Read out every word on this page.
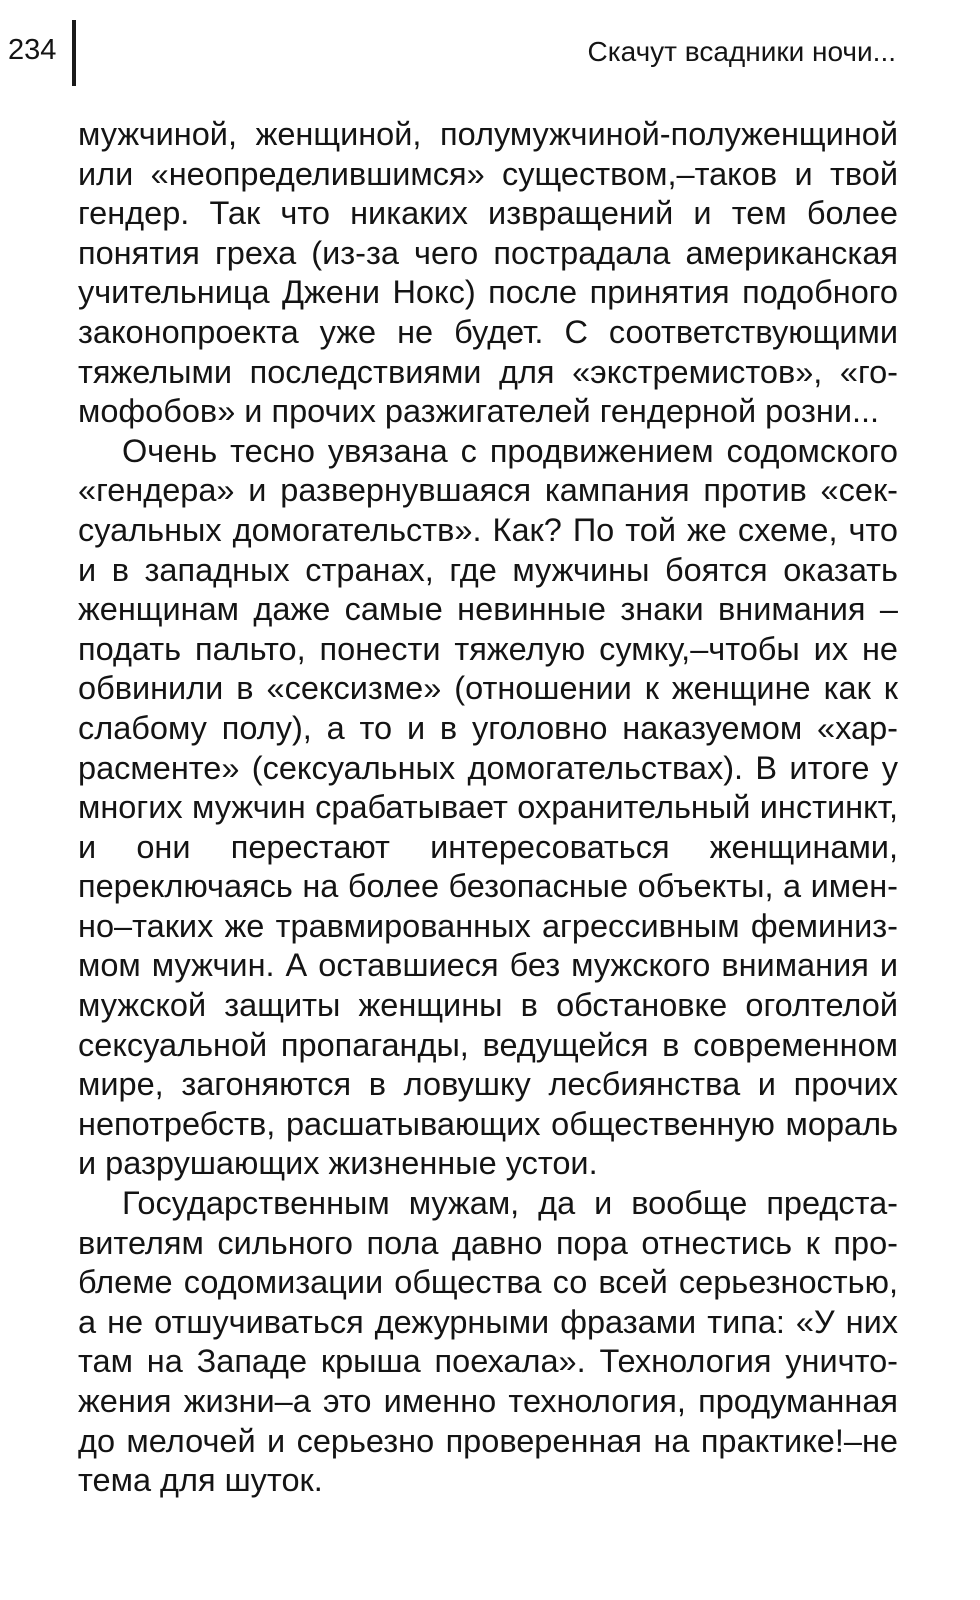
234	Скачут всадники ночи...

мужчиной, женщиной, полумужчиной-полуженщиной или «неопределившимся» существом,–таков и твой гендер. Так что никаких извращений и тем более понятия греха (из-за чего пострадала американская учительница Джени Нокс) после принятия подобного законопроекта уже не будет. С соответствующими тяжелыми последствиями для «экстремистов», «гомофобов» и прочих разжигателей гендерной розни...

Очень тесно увязана с продвижением содомского «гендера» и развернувшаяся кампания против «сексуальных домогательств». Как? По той же схеме, что и в западных странах, где мужчины боятся оказать женщинам даже самые невинные знаки внимания – подать пальто, понести тяжелую сумку,–чтобы их не обвинили в «сексизме» (отношении к женщине как к слабому полу), а то и в уголовно наказуемом «харрасменте» (сексуальных домогательствах). В итоге у многих мужчин срабатывает охранительный инстинкт, и они перестают интересоваться женщинами, переключаясь на более безопасные объекты, а именно–таких же травмированных агрессивным феминизмом мужчин. А оставшиеся без мужского внимания и мужской защиты женщины в обстановке оголтелой сексуальной пропаганды, ведущейся в современном мире, загоняются в ловушку лесбиянства и прочих непотребств, расшатывающих общественную мораль и разрушающих жизненные устои.

Государственным мужам, да и вообще представителям сильного пола давно пора отнестись к проблеме содомизации общества со всей серьезностью, а не отшучиваться дежурными фразами типа: «У них там на Западе крыша поехала». Технология уничтожения жизни–а это именно технология, продуманная до мелочей и серьезно проверенная на практике!–не тема для шуток.
